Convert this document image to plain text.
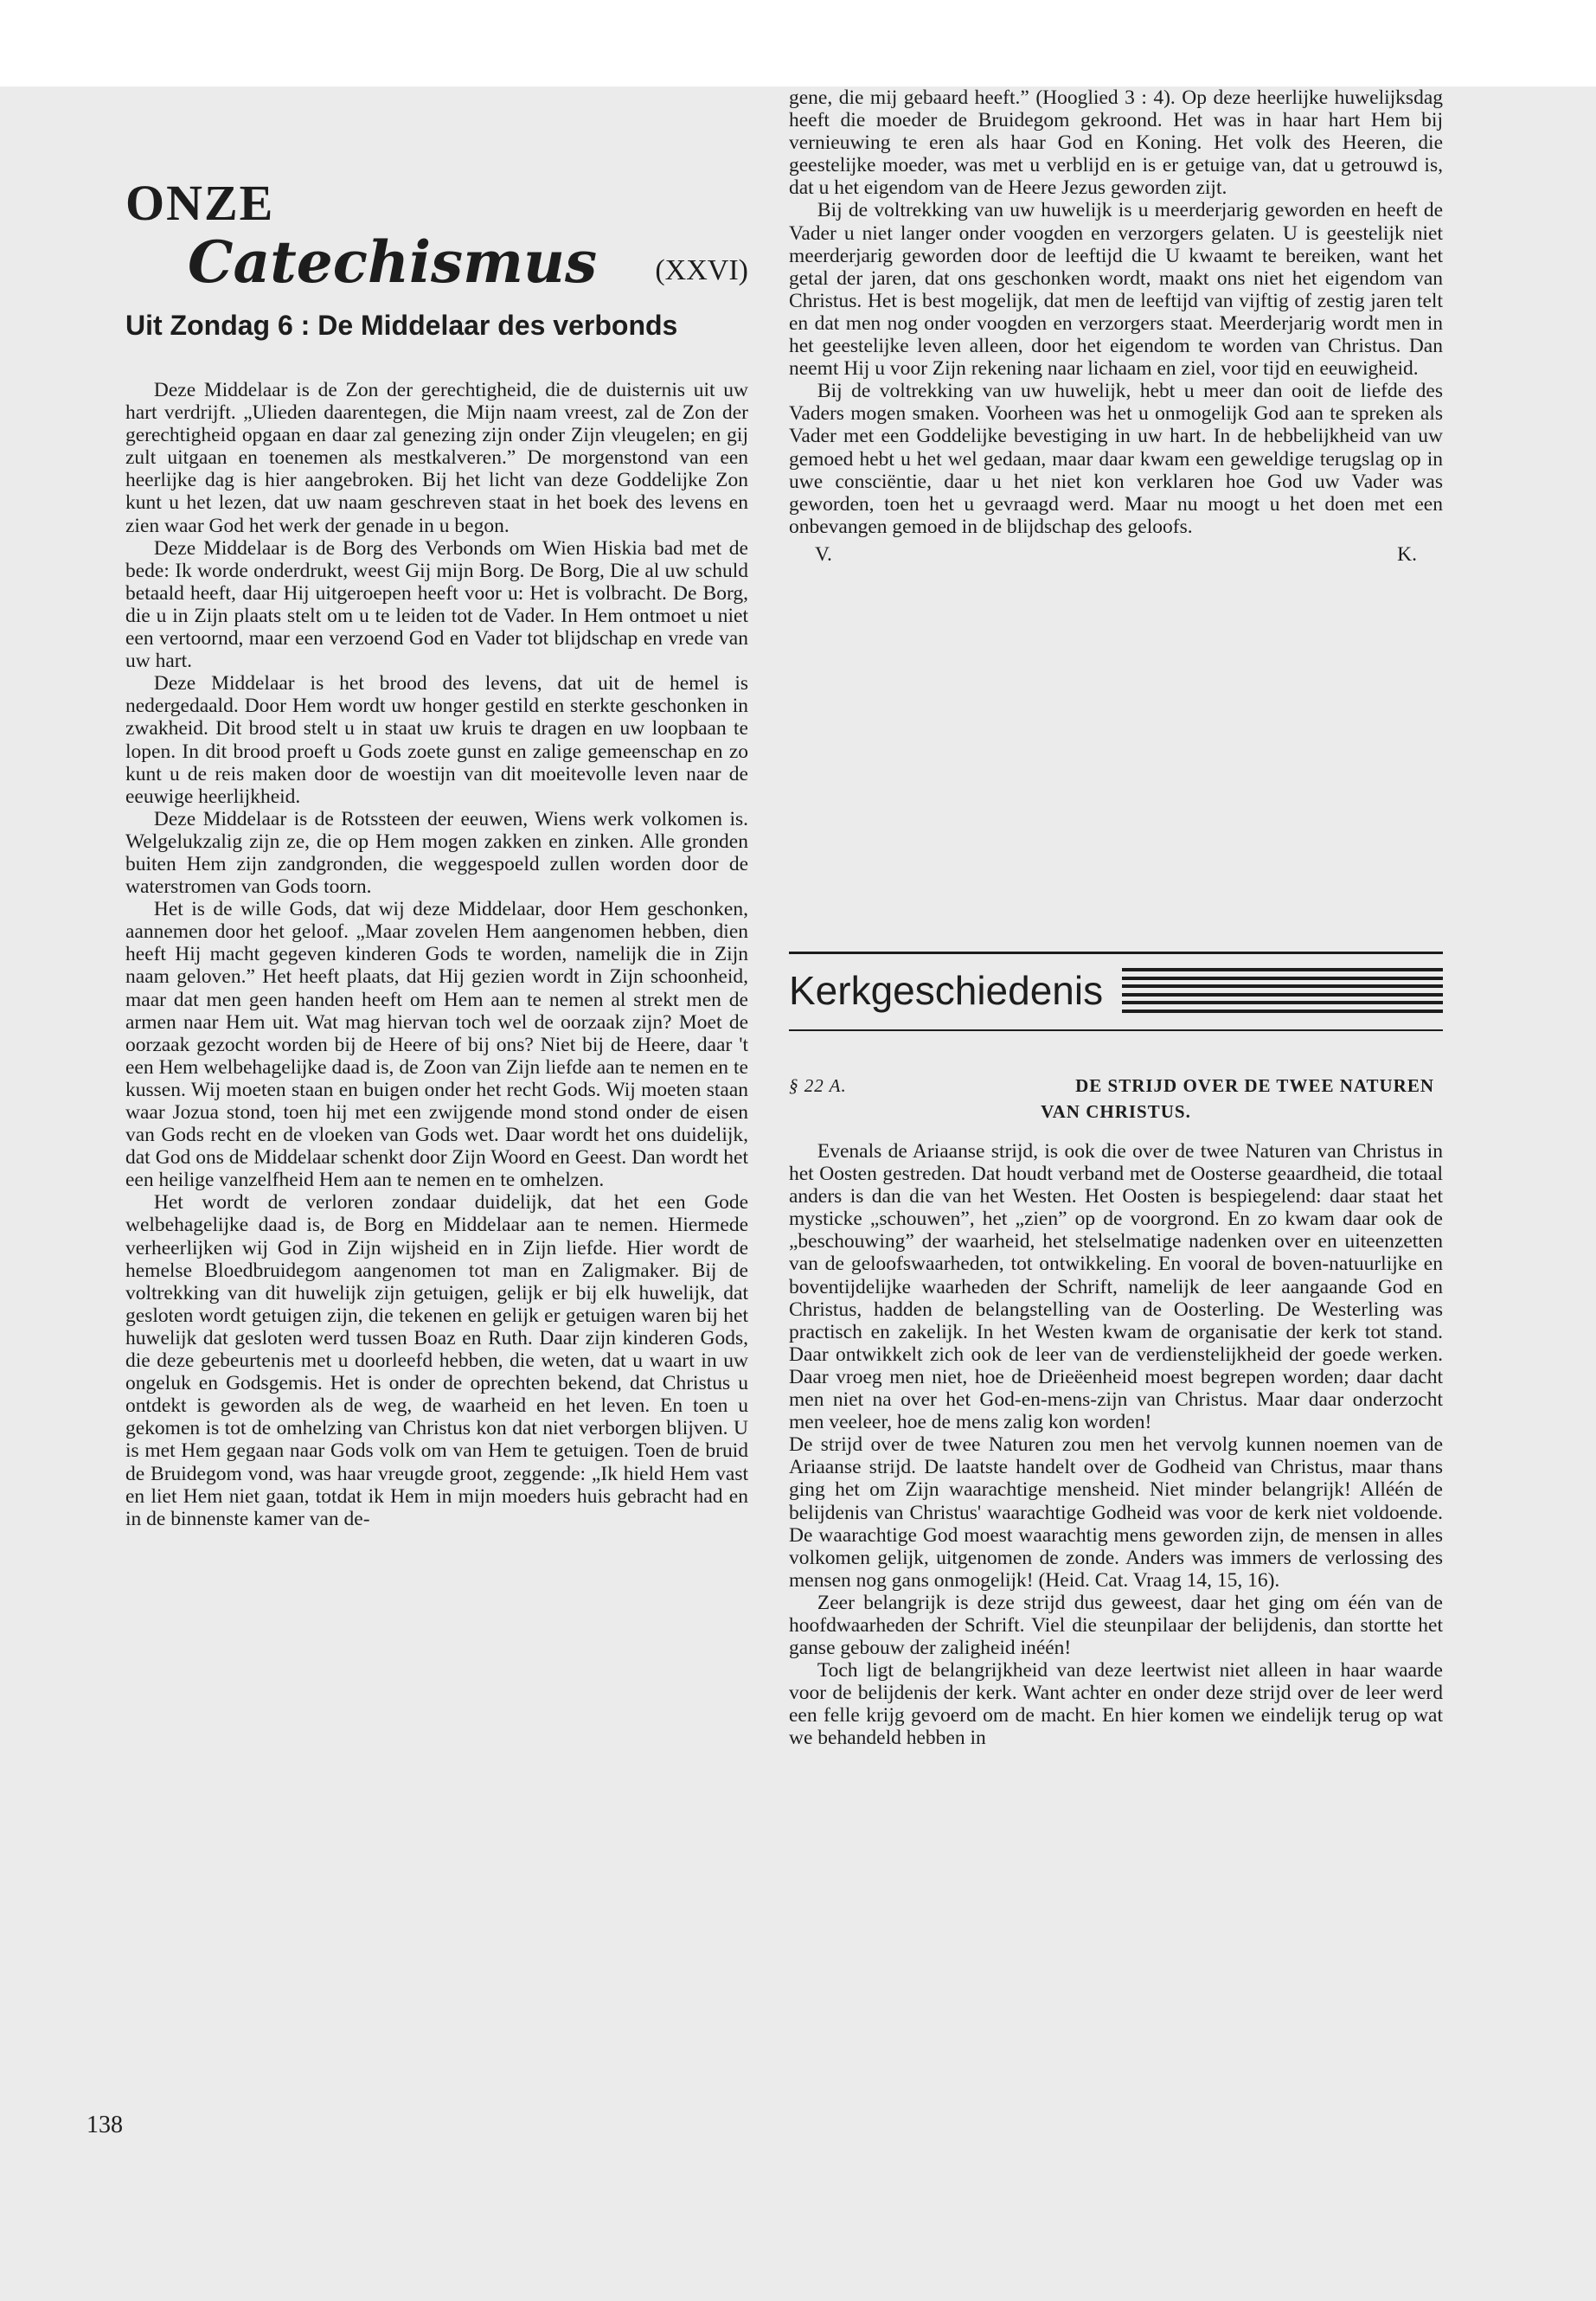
ONZE
Catechismus (XXVI)
Uit Zondag 6 : De Middelaar des verbonds

Deze Middelaar is de Zon der gerechtigheid, die de duisternis uit uw hart verdrijft. „Ulieden daarentegen, die Mijn naam vreest, zal de Zon der gerechtigheid opgaan en daar zal genezing zijn onder Zijn vleugelen; en gij zult uitgaan en toenemen als mestkalveren.” De morgenstond van een heerlijke dag is hier aangebroken. Bij het licht van deze Goddelijke Zon kunt u het lezen, dat uw naam geschreven staat in het boek des levens en zien waar God het werk der genade in u begon.

Deze Middelaar is de Borg des Verbonds om Wien Hiskia bad met de bede: Ik worde onderdrukt, weest Gij mijn Borg. De Borg, Die al uw schuld betaald heeft, daar Hij uitgeroepen heeft voor u: Het is volbracht. De Borg, die u in Zijn plaats stelt om u te leiden tot de Vader. In Hem ontmoet u niet een vertoornd, maar een verzoend God en Vader tot blijdschap en vrede van uw hart.

Deze Middelaar is het brood des levens, dat uit de hemel is nedergedaald. Door Hem wordt uw honger gestild en sterkte geschonken in zwakheid. Dit brood stelt u in staat uw kruis te dragen en uw loopbaan te lopen. In dit brood proeft u Gods zoete gunst en zalige gemeenschap en zo kunt u de reis maken door de woestijn van dit moeitevolle leven naar de eeuwige heerlijkheid.

Deze Middelaar is de Rotssteen der eeuwen, Wiens werk volkomen is. Welgelukzalig zijn ze, die op Hem mogen zakken en zinken. Alle gronden buiten Hem zijn zandgronden, die weggespoeld zullen worden door de waterstromen van Gods toorn.

Het is de wille Gods, dat wij deze Middelaar, door Hem geschonken, aannemen door het geloof. „Maar zovelen Hem aangenomen hebben, dien heeft Hij macht gegeven kinderen Gods te worden, namelijk die in Zijn naam geloven.” Het heeft plaats, dat Hij gezien wordt in Zijn schoonheid, maar dat men geen handen heeft om Hem aan te nemen al strekt men de armen naar Hem uit. Wat mag hiervan toch wel de oorzaak zijn? Moet de oorzaak gezocht worden bij de Heere of bij ons? Niet bij de Heere, daar 't een Hem welbehagelijke daad is, de Zoon van Zijn liefde aan te nemen en te kussen. Wij moeten staan en buigen onder het recht Gods. Wij moeten staan waar Jozua stond, toen hij met een zwijgende mond stond onder de eisen van Gods recht en de vloeken van Gods wet. Daar wordt het ons duidelijk, dat God ons de Middelaar schenkt door Zijn Woord en Geest. Dan wordt het een heilige vanzelfheid Hem aan te nemen en te omhelzen.

Het wordt de verloren zondaar duidelijk, dat het een Gode welbehagelijke daad is, de Borg en Middelaar aan te nemen. Hiermede verheerlijken wij God in Zijn wijsheid en in Zijn liefde. Hier wordt de hemelse Bloedbruidegom aangenomen tot man en Zaligmaker. Bij de voltrekking van dit huwelijk zijn getuigen, gelijk er bij elk huwelijk, dat gesloten wordt getuigen zijn, die tekenen en gelijk er getuigen waren bij het huwelijk dat gesloten werd tussen Boaz en Ruth. Daar zijn kinderen Gods, die deze gebeurtenis met u doorleefd hebben, die weten, dat u waart in uw ongeluk en Godsgemis. Het is onder de oprechten bekend, dat Christus u ontdekt is geworden als de weg, de waarheid en het leven. En toen u gekomen is tot de omhelzing van Christus kon dat niet verborgen blijven. U is met Hem gegaan naar Gods volk om van Hem te getuigen. Toen de bruid de Bruidegom vond, was haar vreugde groot, zeggende: „Ik hield Hem vast en liet Hem niet gaan, totdat ik Hem in mijn moeders huis gebracht had en in de binnenste kamer van de-

gene, die mij gebaard heeft.” (Hooglied 3 : 4). Op deze heerlijke huwelijksdag heeft die moeder de Bruidegom gekroond. Het was in haar hart Hem bij vernieuwing te eren als haar God en Koning. Het volk des Heeren, die geestelijke moeder, was met u verblijd en is er getuige van, dat u getrouwd is, dat u het eigendom van de Heere Jezus geworden zijt.

Bij de voltrekking van uw huwelijk is u meerderjarig geworden en heeft de Vader u niet langer onder voogden en verzorgers gelaten. U is geestelijk niet meerderjarig geworden door de leeftijd die U kwaamt te bereiken, want het getal der jaren, dat ons geschonken wordt, maakt ons niet het eigendom van Christus. Het is best mogelijk, dat men de leeftijd van vijftig of zestig jaren telt en dat men nog onder voogden en verzorgers staat. Meerderjarig wordt men in het geestelijke leven alleen, door het eigendom te worden van Christus. Dan neemt Hij u voor Zijn rekening naar lichaam en ziel, voor tijd en eeuwigheid.

Bij de voltrekking van uw huwelijk, hebt u meer dan ooit de liefde des Vaders mogen smaken. Voorheen was het u onmogelijk God aan te spreken als Vader met een Goddelijke bevestiging in uw hart. In de hebbelijkheid van uw gemoed hebt u het wel gedaan, maar daar kwam een geweldige terugslag op in uwe consciëntie, daar u het niet kon verklaren hoe God uw Vader was geworden, toen het u gevraagd werd. Maar nu moogt u het doen met een onbevangen gemoed in de blijdschap des geloofs.

V.	K.
Kerkgeschiedenis
§ 22 A.	DE STRIJD OVER DE TWEE NATUREN
VAN CHRISTUS.

Evenals de Ariaanse strijd, is ook die over de twee Naturen van Christus in het Oosten gestreden. Dat houdt verband met de Oosterse geaardheid, die totaal anders is dan die van het Westen. Het Oosten is bespiegelend: daar staat het mysticke „schouwen”, het „zien” op de voorgrond. En zo kwam daar ook de „beschouwing” der waarheid, het stelselmatige nadenken over en uiteenzetten van de geloofswaarheden, tot ontwikkeling. En vooral de boven-natuurlijke en boventijdelijke waarheden der Schrift, namelijk de leer aangaande God en Christus, hadden de belangstelling van de Oosterling. De Westerling was practisch en zakelijk. In het Westen kwam de organisatie der kerk tot stand. Daar ontwikkelt zich ook de leer van de verdienstelijkheid der goede werken. Daar vroeg men niet, hoe de Drieëenheid moest begrepen worden; daar dacht men niet na over het God-en-mens-zijn van Christus. Maar daar onderzocht men veeleer, hoe de mens zalig kon worden!

De strijd over de twee Naturen zou men het vervolg kunnen noemen van de Ariaanse strijd. De laatste handelt over de Godheid van Christus, maar thans ging het om Zijn waarachtige mensheid. Niet minder belangrijk! Alléén de belijdenis van Christus' waarachtige Godheid was voor de kerk niet voldoende. De waarachtige God moest waarachtig mens geworden zijn, de mensen in alles volkomen gelijk, uitgenomen de zonde. Anders was immers de verlossing des mensen nog gans onmogelijk! (Heid. Cat. Vraag 14, 15, 16).

Zeer belangrijk is deze strijd dus geweest, daar het ging om één van de hoofdwaarheden der Schrift. Viel die steunpilaar der belijdenis, dan stortte het ganse gebouw der zaligheid inéén!

Toch ligt de belangrijkheid van deze leertwist niet alleen in haar waarde voor de belijdenis der kerk. Want achter en onder deze strijd over de leer werd een felle krijg gevoerd om de macht. En hier komen we eindelijk terug op wat we behandeld hebben in

138
